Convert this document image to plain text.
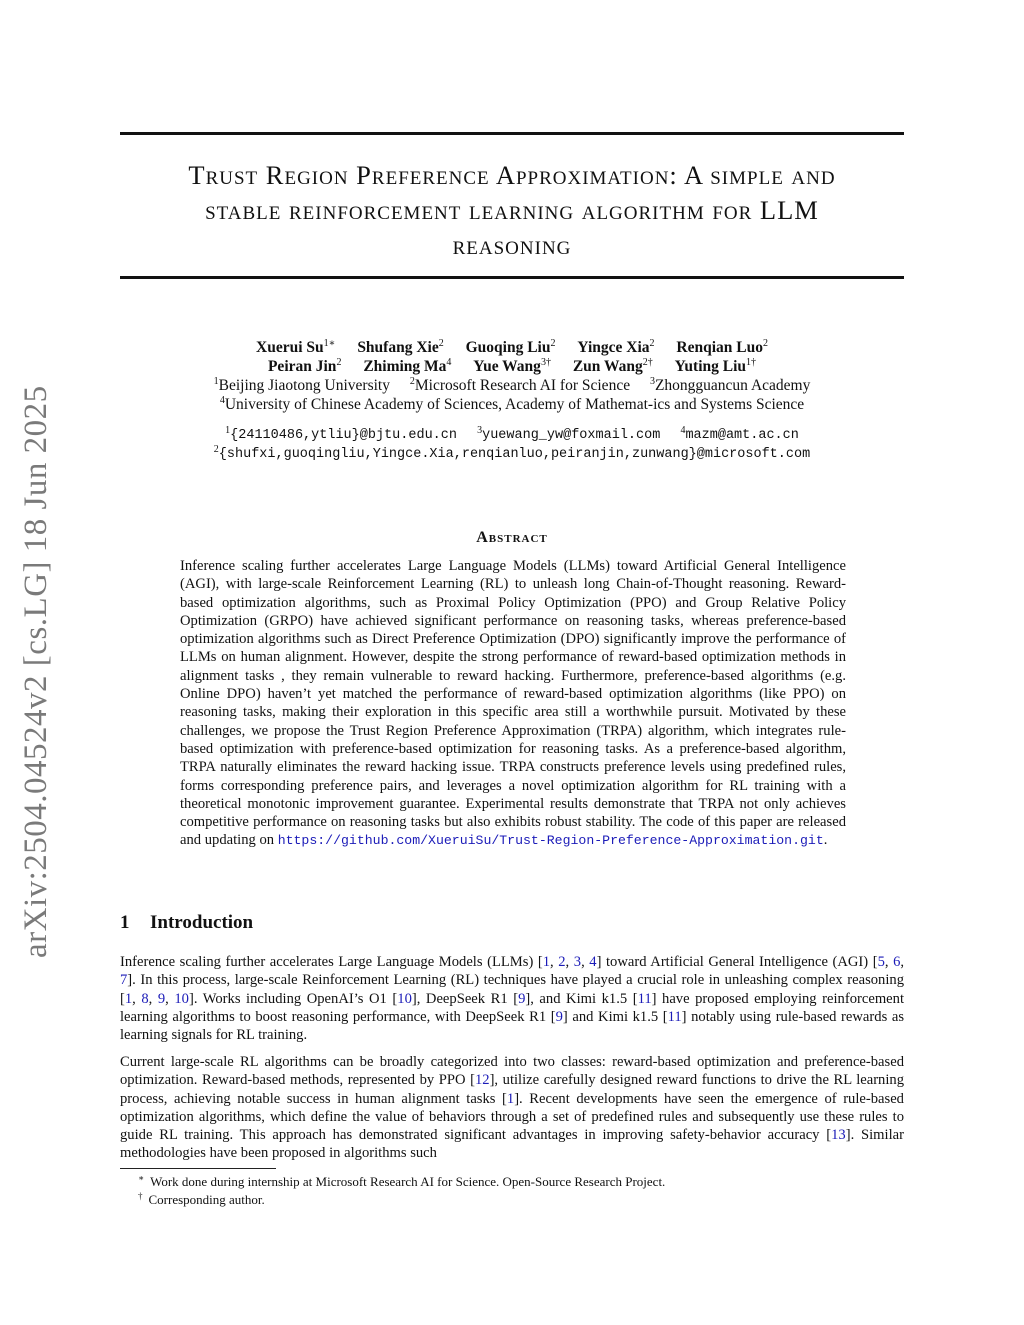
arXiv:2504.04524v2 [cs.LG] 18 Jun 2025
Trust Region Preference Approximation: A simple and
stable reinforcement learning algorithm for LLM
reasoning
Xuerui $Su^{1∗}$ Shufang Xie$^2$ Guoqing Liu$^2$ Yingce Xia$^2$ Renqian Luo$^2$
Peiran Jin$^2$ Zhiming Ma$^4$ Yue Wang$^{3\dagger}$ Zun Wang$^{2\dagger}$ Yuting Liu$^{1\dagger}$
$^1$Beijing Jiaotong University $^2$Microsoft Research AI for Science $^3$Zhongguancun Academy
$^4$University of Chinese Academy of Sciences, Academy of Mathemat-ics and Systems Science
$^1${24110486,ytliu}@bjtu.edu.cn $^3$yuewang_yw@foxmail.com $^4$mazm@amt.ac.cn
$^2${shufxi,guoqingliu,Yingce.Xia,renqianluo,peiranjin,zunwang}@microsoft.com
Abstract
Inference scaling further accelerates Large Language Models (LLMs) toward Artificial General Intelligence (AGI), with large-scale Reinforcement Learning (RL) to unleash long Chain-of-Thought reasoning. Reward-based optimization algorithms, such as Proximal Policy Optimization (PPO) and Group Relative Policy Optimization (GRPO) have achieved significant performance on reasoning tasks, whereas preference-based optimization algorithms such as Direct Preference Optimization (DPO) significantly improve the performance of LLMs on human alignment. However, despite the strong performance of reward-based optimization methods in alignment tasks , they remain vulnerable to reward hacking. Furthermore, preference-based algorithms (e.g. Online DPO) haven’t yet matched the performance of reward-based optimization algorithms (like PPO) on reasoning tasks, making their exploration in this specific area still a worthwhile pursuit. Motivated by these challenges, we propose the Trust Region Preference Approximation (TRPA) algorithm, which integrates rule-based optimization with preference-based optimization for reasoning tasks. As a preference-based algorithm, TRPA naturally eliminates the reward hacking issue. TRPA constructs preference levels using predefined rules, forms corresponding preference pairs, and leverages a novel optimization algorithm for RL training with a theoretical monotonic improvement guarantee. Experimental results demonstrate that TRPA not only achieves competitive performance on reasoning tasks but also exhibits robust stability. The code of this paper are released and updating on https://github.com/XueruiSu/Trust-Region-Preference-Approximation.git.
1 Introduction
Inference scaling further accelerates Large Language Models (LLMs) [1, 2, 3, 4] toward Artificial General Intelligence (AGI) [5, 6, 7]. In this process, large-scale Reinforcement Learning (RL) techniques have played a crucial role in unleashing complex reasoning [1, 8, 9, 10]. Works including OpenAI’s O1 [10], DeepSeek R1 [9], and Kimi k1.5 [11] have proposed employing reinforcement learning algorithms to boost reasoning performance, with DeepSeek R1 [9] and Kimi k1.5 [11] notably using rule-based rewards as learning signals for RL training.
Current large-scale RL algorithms can be broadly categorized into two classes: reward-based optimization and preference-based optimization. Reward-based methods, represented by PPO [12], utilize carefully designed reward functions to drive the RL learning process, achieving notable success in human alignment tasks [1]. Recent developments have seen the emergence of rule-based optimization algorithms, which define the value of behaviors through a set of predefined rules and subsequently use these rules to guide RL training. This approach has demonstrated significant advantages in improving safety-behavior accuracy [13]. Similar methodologies have been proposed in algorithms such
∗ Work done during internship at Microsoft Research AI for Science. Open-Source Research Project.
† Corresponding author.
